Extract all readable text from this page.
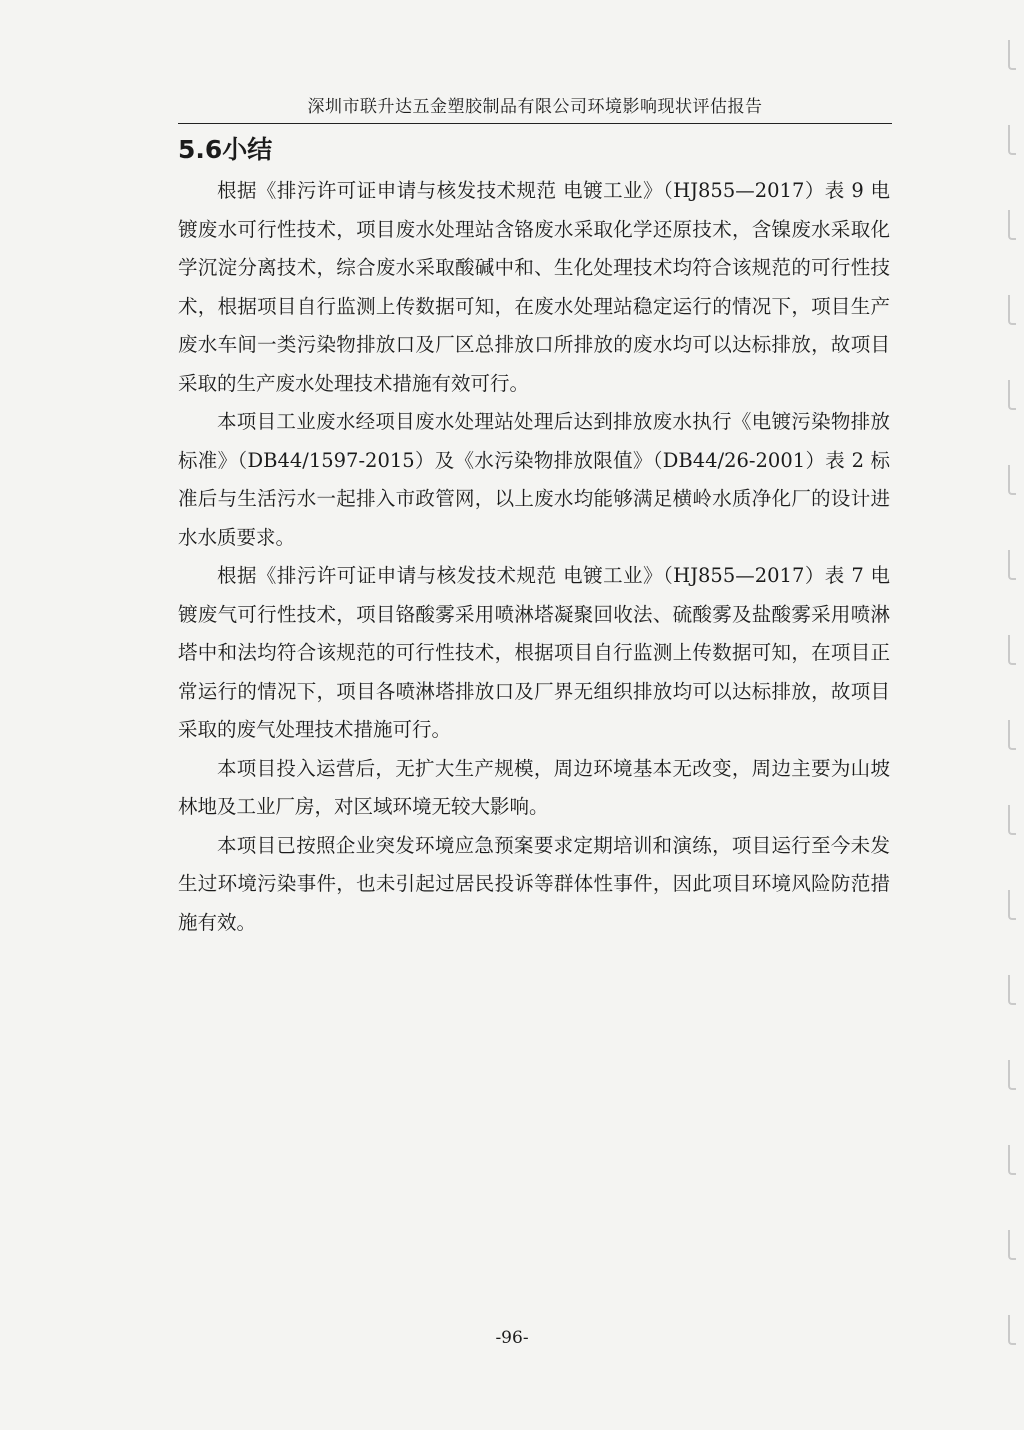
深圳市联升达五金塑胶制品有限公司环境影响现状评估报告
5.6小结

根据《排污许可证申请与核发技术规范 电镀工业》（HJ855—2017）表 9 电镀废水可行性技术，项目废水处理站含铬废水采取化学还原技术，含镍废水采取化学沉淀分离技术，综合废水采取酸碱中和、生化处理技术均符合该规范的可行性技术，根据项目自行监测上传数据可知，在废水处理站稳定运行的情况下，项目生产废水车间一类污染物排放口及厂区总排放口所排放的废水均可以达标排放，故项目采取的生产废水处理技术措施有效可行。

本项目工业废水经项目废水处理站处理后达到排放废水执行《电镀污染物排放标准》（DB44/1597-2015）及《水污染物排放限值》（DB44/26-2001）表 2 标准后与生活污水一起排入市政管网，以上废水均能够满足横岭水质净化厂的设计进水水质要求。

根据《排污许可证申请与核发技术规范 电镀工业》（HJ855—2017）表 7 电镀废气可行性技术，项目铬酸雾采用喷淋塔凝聚回收法、硫酸雾及盐酸雾采用喷淋塔中和法均符合该规范的可行性技术，根据项目自行监测上传数据可知，在项目正常运行的情况下，项目各喷淋塔排放口及厂界无组织排放均可以达标排放，故项目采取的废气处理技术措施可行。

本项目投入运营后，无扩大生产规模，周边环境基本无改变，周边主要为山坡林地及工业厂房，对区域环境无较大影响。

本项目已按照企业突发环境应急预案要求定期培训和演练，项目运行至今未发生过环境污染事件，也未引起过居民投诉等群体性事件，因此项目环境风险防范措施有效。

-96-
